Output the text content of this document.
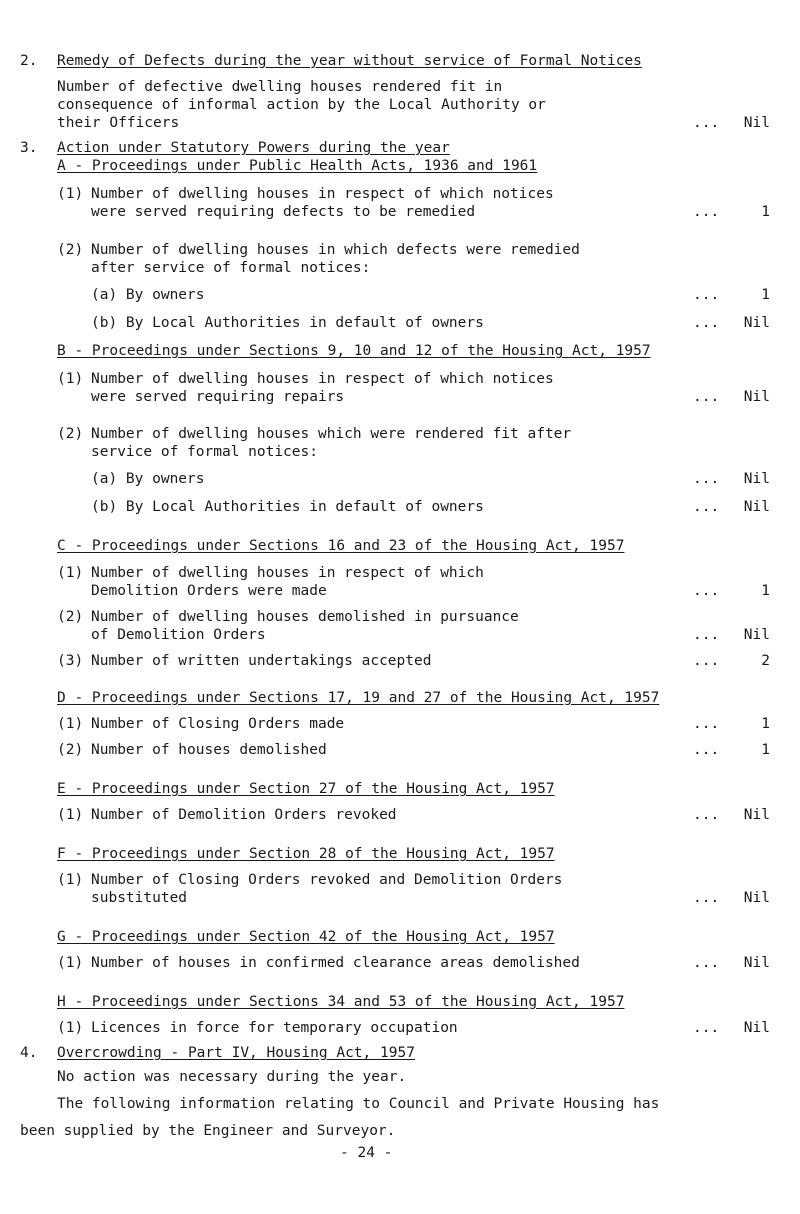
2. Remedy of Defects during the year without service of Formal Notices
Number of defective dwelling houses rendered fit in
consequence of informal action by the Local Authority or
their Officers	...	Nil
3. Action under Statutory Powers during the year
A - Proceedings under Public Health Acts, 1936 and 1961
(1) Number of dwelling houses in respect of which notices
were served requiring defects to be remedied	...	1
(2) Number of dwelling houses in which defects were remedied
after service of formal notices:
(a) By owners	...	1
(b) By Local Authorities in default of owners	...	Nil
B - Proceedings under Sections 9, 10 and 12 of the Housing Act, 1957
(1) Number of dwelling houses in respect of which notices
were served requiring repairs	...	Nil
(2) Number of dwelling houses which were rendered fit after
service of formal notices:
(a) By owners	...	Nil
(b) By Local Authorities in default of owners	...	Nil
C - Proceedings under Sections 16 and 23 of the Housing Act, 1957
(1) Number of dwelling houses in respect of which
Demolition Orders were made	...	1
(2) Number of dwelling houses demolished in pursuance
of Demolition Orders	...	Nil
(3) Number of written undertakings accepted	...	2
D - Proceedings under Sections 17, 19 and 27 of the Housing Act, 1957
(1) Number of Closing Orders made	...	1
(2) Number of houses demolished	...	1
E - Proceedings under Section 27 of the Housing Act, 1957
(1) Number of Demolition Orders revoked	...	Nil
F - Proceedings under Section 28 of the Housing Act, 1957
(1) Number of Closing Orders revoked and Demolition Orders
substituted	...	Nil
G - Proceedings under Section 42 of the Housing Act, 1957
(1) Number of houses in confirmed clearance areas demolished	...	Nil
H - Proceedings under Sections 34 and 53 of the Housing Act, 1957
(1) Licences in force for temporary occupation	...	Nil
4. Overcrowding - Part IV, Housing Act, 1957
No action was necessary during the year.
The following information relating to Council and Private Housing has
been supplied by the Engineer and Surveyor.
- 24 -
